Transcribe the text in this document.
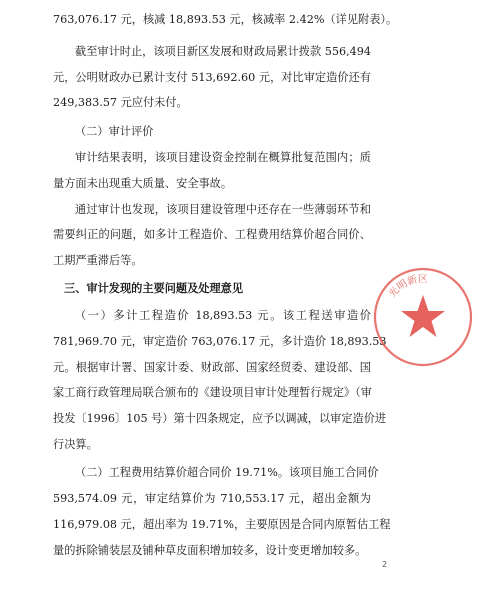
763,076.17 元，核减 18,893.53 元，核减率 2.42%（详见附表）。
截至审计时止，该项目新区发展和财政局累计拨款 556,494
元，公明财政办已累计支付 513,692.60 元，对比审定造价还有
249,383.57 元应付未付。
（二）审计评价
审计结果表明，该项目建设资金控制在概算批复范围内；质
量方面未出现重大质量、安全事故。
通过审计也发现，该项目建设管理中还存在一些薄弱环节和
需要纠正的问题，如多计工程造价、工程费用结算价超合同价、
工期严重滞后等。
三、审计发现的主要问题及处理意见
（一）多计工程造价 18,893.53 元。该工程送审造价
781,969.70 元，审定造价 763,076.17 元，多计造价 18,893.53
元。根据审计署、国家计委、财政部、国家经贸委、建设部、国
家工商行政管理局联合颁布的《建设项目审计处理暂行规定》（审
投发〔1996〕105 号）第十四条规定，应予以调减，以审定造价进
行决算。
（二）工程费用结算价超合同价 19.71%。该项目施工合同价
593,574.09 元，审定结算价为 710,553.17 元，超出金额为
116,979.08 元，超出率为 19.71%，主要原因是合同内原暂估工程
量的拆除铺装层及铺种草皮面积增加较多，设计变更增加较多。
2
光明新区
